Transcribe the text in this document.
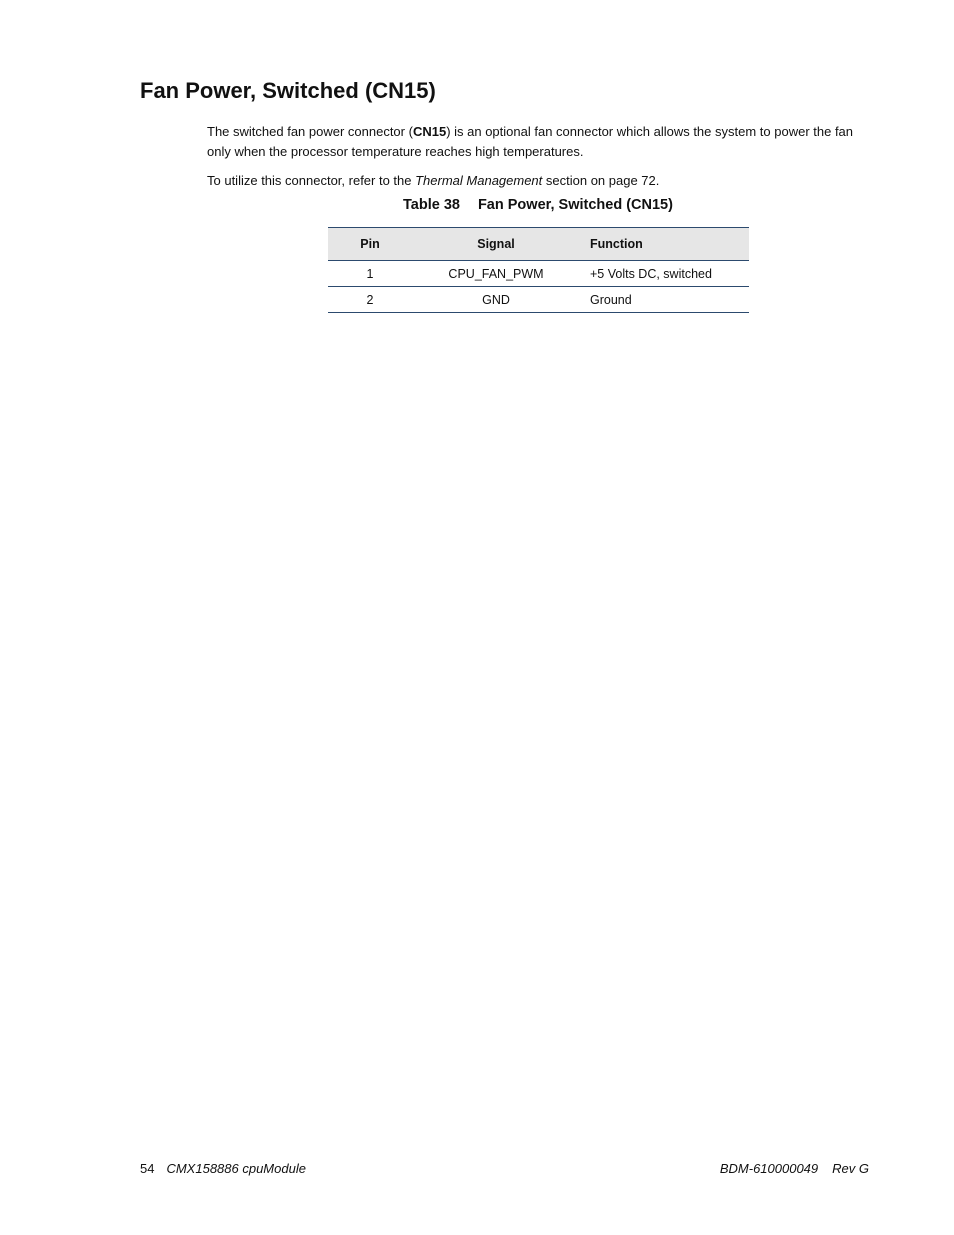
Fan Power, Switched (CN15)

The switched fan power connector (CN15) is an optional fan connector which allows the system to power the fan only when the processor temperature reaches high temperatures.

To utilize this connector, refer to the Thermal Management section on page 72.

Table 38 Fan Power, Switched (CN15)
Pin	Signal	Function
1	CPU_FAN_PWM	+5 Volts DC, switched
2	GND	Ground
54 CMX158886 cpuModule	BDM-610000049 Rev G
